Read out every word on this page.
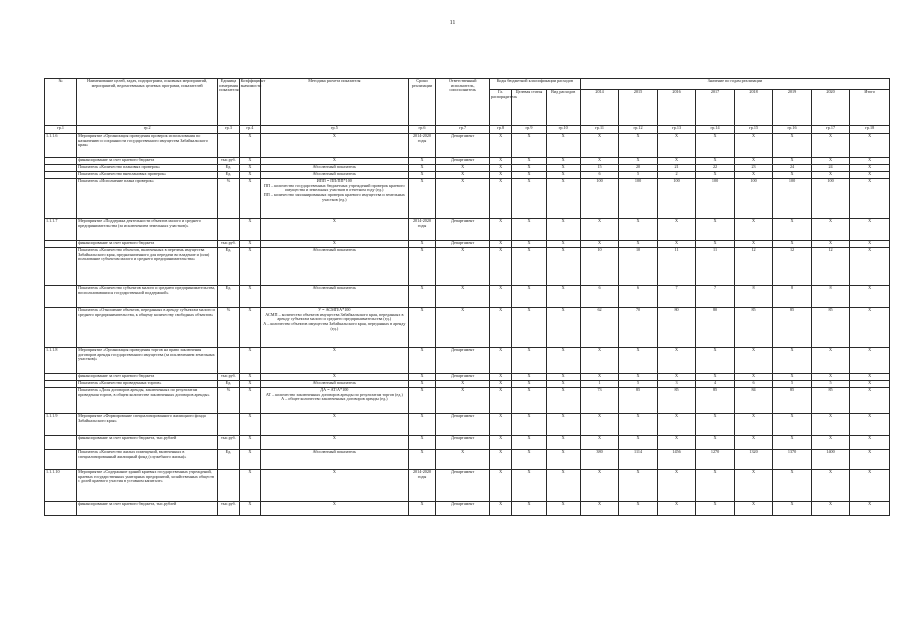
11
№	Наименование целей, задач, подпрограмм, основных мероприятий, мероприятий, ведомственных целевых программ, показателей	Единица измерения показателя	Коэффициент значимости	Методика расчета показателя	Сроки реализации	Ответственный исполнитель, соисполнитель	Коды бюджетной классификации расходов			Значение по годам реализации							
							Гл. распорядитель	Целевая статья	Вид расходов	2014	2015	2016	2017	2018	2019	2020	Итого
гр.1	гр.2	гр.3	гр.4	гр.5	гр.6	гр.7	гр.8	гр.9	гр.10	гр.11	гр.12	гр.13	гр.14	гр.15	гр.16	гр.17	гр.18
1.1.1.6	Мероприятие «Организация проведения проверок использования по назначению и сохранности государственного имущества Забайкальского края»		X	X	2014-2020 годы	Департамент	X	X	X	X	X	X	X	X	X	X	X
	финансирование за счет краевого бюджета	тыс.руб.	X	X	X	Департамент	X	X	X	X	X	X	X	X	X	X	X
	Показатель «Количество плановых проверок»	Ед.	X	Абсолютный показатель	X	X	X	X	X	15	20	21	22	23	24	24	X
	Показатель «Количество внеплановых проверок»	Ед.	X	Абсолютный показатель	X	X	X	X	X	6	5	2	X	X	X	X	X
	Показатель «Исполнение плана проверок»	%	X	ИПП = ПП/ПП*100
ПП – количество государственных бюджетных учреждений проверок краевого имущества и земельных участков в отчетном году (ед.)
ПП – количество запланированных проверок краевого имущества и земельных участков (ед.)	X	X	X	X	X	100	100	100	100	100	100	100	X
1.1.1.7	Мероприятие «Поддержка деятельности объектов малого и среднего предпринимательства (за исключением земельных участков)»		X	X	2014-2020 годы	Департамент	X	X	X	X	X	X	X	X	X	X	X
	финансирование за счет краевого бюджета	тыс.руб.	X	X	X	Департамент	X	X	X	X	X	X	X	X	X	X	X
	Показатель «Количество объектов, включенных в перечень имущества Забайкальского края, предназначенного для передачи во владение и (или) пользование субъектам малого и среднего предпринимательства»	Ед.	X	Абсолютный показатель	X	X	X	X	X	10	10	11	11	12	12	12	X
	Показатель «Количество субъектов малого и среднего предпринимательства, воспользовавшихся государственной поддержкой»	Ед.	X	Абсолютный показатель	X	X	X	X	X	6	6	7	7	8	8	8	X
	Показатель «Отношение объектов, переданных в аренду субъектам малого и среднего предпринимательства, к общему количеству свободных объектов»	%	X	У = АСМП/А*100
АСМП – количество объектов имущества Забайкальского края, переданных в аренду субъектам малого и среднего предпринимательства (ед.)
А – количество объектов имущества Забайкальского края, переданных в аренду (ед.)	X	X	X	X	X	62	70	80	80	85	85	85	X
1.1.1.8	Мероприятие «Организация проведения торгов на право заключения договоров аренды государственного имущества (за исключением земельных участков)»		X	X	X	Департамент	X	X	X	X	X	X	X	X	X	X	X
	финансирование за счет краевого бюджета	тыс.руб.	X	X	X	Департамент	X	X	X	X	X	X	X	X	X	X	X
	Показатель «Количество проведенных торгов»	Ед.	X	Абсолютный показатель	X	X	X	X	X	1	5	3	4	6	5	5	X
	Показатель «Доля договоров аренды, заключенных по результатам проведения торгов, в общем количестве заключенных договоров аренды»	%	X	ДА = АТ/А*100
АТ – количество заключенных договоров аренды по результатам торгов (ед.)
А – общее количество заключенных договоров аренды (ед.)	X	X	X	X	X	73	85	85	85	84	85	85	X
1.1.1.9	Мероприятие «Формирование специализированного жилищного фонда Забайкальского края»		X	X	X	Департамент	X	X	X	X	X	X	X	X	X	X	X
	финансирование за счет краевого бюджета, тыс.рублей	тыс.руб.	X	X	X	Департамент	X	X	X	X	X	X	X	X	X	X	X
	Показатель «Количество жилых помещений, включенных в специализированный жилищный фонд (служебного жилья)»	Ед.	X	Абсолютный показатель	X	X	X	X	X	380	1114	1456	1270	1320	1370	1400	X
1.1.1.10	Мероприятие «Содержание зданий краевых государственных учреждений, краевых государственных унитарных предприятий, хозяйственных обществ с долей краевого участия в уставном капитале»		X	X	2014-2020 годы	Департамент	X	X	X	X	X	X	X	X	X	X	X
	финансирование за счет краевого бюджета, тыс.рублей	тыс.руб.	X	X	X	Департамент	X	X	X	X	X	X	X	X	X	X	X
